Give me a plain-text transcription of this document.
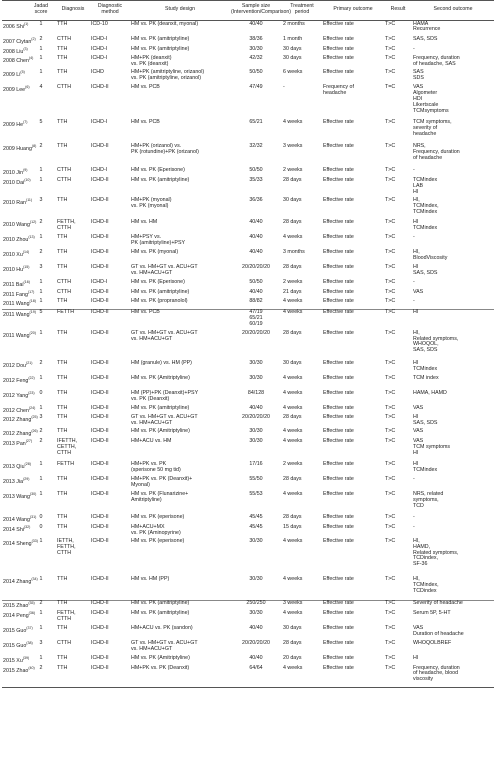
	Jadad score	Diagnosis	Diagnostic method	Study design	Sample size (Intervention/Comparison)	Treatment period	Primary outcome	Result	Second outcome
2006 Shi$^{(1)}$	1	TTH	ICD-10	HM vs. PK (deanxit, myonal)	40/40	2 months	Effective rate	T>C	HAMA
Recurrence
2007 Ciytan$^{(2)}$	2	CTTH	ICHD-I	HM vs. PK (amitriptyline)	38/36	1 month	Effective rate	T>C	SAS, SDS
2008 Liu$^{(3)}$	1	TTH	ICHD-I	HM vs. PK (amitriptyline)	30/30	30 days	Effective rate	T>C	-
2008 Chen$^{(4)}$	1	TTH	ICHD-I	HM+PK (deanxit)
vs. PK (deanxit)	42/32	30 days	Effective rate	T>C	Frequency, duration
of headache, SAS
2009 Li$^{(5)}$	1	TTH	ICHD	HM+PK (amitriptyline, orizanol)
vs. PK (amitriptyline, orizanol)	50/50	6 weeks	Effective rate	T>C	SAS
SDS
2009 Lee$^{(6)}$	4	CTTH	ICHD-II	HM vs. PCB	47/49	-	Frequency of
headache	T=C	VAS
Algometer
HDI
Likertscale
TCMsymptoms
2009 He$^{(7)}$	5	TTH	ICHD-I	HM vs. PCB	65/21	4 weeks	Effective rate	T>C	TCM symptoms,
severity of
headache
2009 Huang$^{(8)}$	2	TTH	ICHD-II	HM+PK (orizanol) vs.
PK (rotundine)+PK (orizanol)	32/32	3 weeks	Effective rate	T>C	NRS,
Frequency, duration
of headache
2010 Jin$^{(9)}$	1	CTTH	ICHD-I	HM vs. PK (Eperisone)	50/50	2 weeks	Effective rate	T>C	-
2010 Dai$^{(10)}$	1	CTTH	ICHD-II	HM vs. PK (amitriptyline)	35/33	28 days	Effective rate	T>C	TCMindex
LAB
HI
2010 Ran$^{(11)}$	3	TTH	ICHD-II	HM+PK (myonal)
vs. PK (myonal)	36/36	30 days	Effective rate	T>C	HI,
TCMindex,
TCMindex
2010 Wang$^{(12)}$	2	FETTH,
CTTH	ICHD-II	HM vs. HM	40/40	28 days	Effective rate	T>C	HI
TCMindex
2010 Zhou$^{(13)}$	1	TTH	ICHD-II	HM+PSY vs.
PK (amitriptyline)+PSY	40/40	4 weeks	Effective rate	T>C	-
2010 Xu$^{(14)}$	2	TTH	ICHD-II	HM vs. PK (myonal)	40/40	3 months	Effective rate	T>C	HI,
BloodViscosity
2010 Hu$^{(15)}$	3	TTH	ICHD-II	GT vs. HM+GT vs. ACU+GT
vs. HM+ACU+GT	20/20/20/20	28 days	Effective rate	T>C	HI
SAS, SDS
2011 Bai$^{(16)}$	1	CTTH	ICHD-I	HM vs. PK (Eperisone)	50/50	2 weeks	Effective rate	T>C	-
2011 Fang$^{(17)}$	1	CTTH	ICHD-II	HM vs. PK (amitriptyline)	40/40	21 days	Effective rate	T>C	VAS
2011 Wang$^{(18)}$	1	TTH	ICHD-II	HM vs. PK (propranolol)	88/82	4 weeks	Effective rate	T>C	-
2011 Wang$^{(19)}$	5	FETTH	ICHD-II	HM vs. PCB	47/19
65/21
60/19	4 weeks	Effective rate	T>C	HI
2011 Wang$^{(20)}$	1	TTH	ICHD-II	GT vs. HM+GT vs. ACU+GT
vs. HM+ACU+GT	20/20/20/20	28 days	Effective rate	T>C	HI,
Related symptoms,
WHOQOL,
SAS, SDS
2012 Dou$^{(21)}$	2	TTH	ICHD-II	HM (granule) vs. HM (PP)	30/30	30 days	Effective rate	T>C	HI
TCMindex
2012 Feng$^{(22)}$	1	TTH	ICHD-II	HM vs. PK (Amitriptyline)	30/30	4 weeks	Effective rate	T>C	TCM index
2012 Yang$^{(23)}$	0	TTH	ICHD-II	HM (PP)+PK (Deanxit)+PSY
vs. PK (Deanxit)	84/128	4 weeks	Effective rate	T>C	HAMA, HAMD
2012 Chen$^{(24)}$	1	TTH	ICHD-II	HM vs. PK (amitriptyline)	40/40	4 weeks	Effective rate	T>C	VAS
2012 Zhang$^{(25)}$	3	TTH	ICHD-II	GT vs. HM+GT vs. ACU+GT
vs. HM+ACU+GT	20/20/20/20	28 days	Effective rate	T>C	HI
SAS, SDS
2012 Zhang$^{(26)}$	2	TTH	ICHD-II	HM vs. PK (Amitriptyline)	30/30	4 weeks	Effective rate	T>C	VAS
2013 Pan$^{(27)}$	2	IFETTH,
CETTH,
CTTH	ICHD-II	HM+ACU vs. HM	30/30	4 weeks	Effective rate	T>C	VAS
TCM symptoms
HI
2013 Qiu$^{(28)}$	1	FETTH	ICHD-II	HM+PK vs. PK
(sperisone 50 mg tid)	17/16	2 weeks	Effective rate	T>C	HI
TCMindex
2013 Jia$^{(29)}$	1	TTH	ICHD-II	HM+PK vs. PK (Deanxit)+
Myonal)	55/50	28 days	Effective rate	T>C	-
2013 Wang$^{(30)}$	1	TTH	ICHD-II	HM vs. PK (Flunarizine+
Amitriptyline)	55/53	4 weeks	Effective rate	T>C	NRS, related
symptoms,
TCD
2014 Wang$^{(31)}$	0	TTH	ICHD-II	HM vs. PK (eperisone)	45/45	28 days	Effective rate	T>C	-
2014 Shi$^{(32)}$	0	TTH	ICHD-II	HM+ACU+MX
vs. PK (Aminopyrine)	45/45	15 days	Effective rate	T>C	-
2014 Sheng$^{(33)}$	1	IETTH,
FETTH,
CTTH	ICHD-II	HM vs. PK (eperisone)	30/30	4 weeks	Effective rate	T>C	HI,
HAMD,
Related symptoms,
TCDindex,
SF-36
2014 Zhang$^{(34)}$	1	TTH	ICHD-II	HM vs. HM (PP)	30/30	4 weeks	Effective rate	T>C	HI,
TCMindex,
TCDindex
2015 Zhao$^{(35)}$	2	TTH	ICHD-II	HM vs. PK (amitriptyline)	250/250	3 weeks	Effective rate	T>C	Severity of headache
2014 Peng$^{(36)}$	1	FETTH,
CTTH	ICHD-II	HM vs. PK (amitriptyline)	30/30	4 weeks	Effective rate	T>C	Serum 5P, 5-HT
2015 Guo$^{(37)}$	1	TTH	ICHD-II	HM+ACU vs. PK (sandon)	40/40	30 days	Effective rate	T>C	VAS
Duration of headache
2015 Guo$^{(38)}$	3	CTTH	ICHD-II	GT vs. HM+GT vs. ACU+GT
vs. HM+ACU+GT	20/20/20/20	28 days	Effective rate	T>C	WHOQOLBREF
2015 Xu$^{(39)}$	1	TTH	ICHD-II	HM vs. PK (Amitriptyline)	40/40	20 days	Effective rate	T>C	HI
2015 Zhao$^{(40)}$	2	TTH	ICHD-II	HM+PK vs. PK (Deanxit)	64/64	4 weeks	Effective rate	T>C	Frequency, duration
of headache, blood
viscosity
